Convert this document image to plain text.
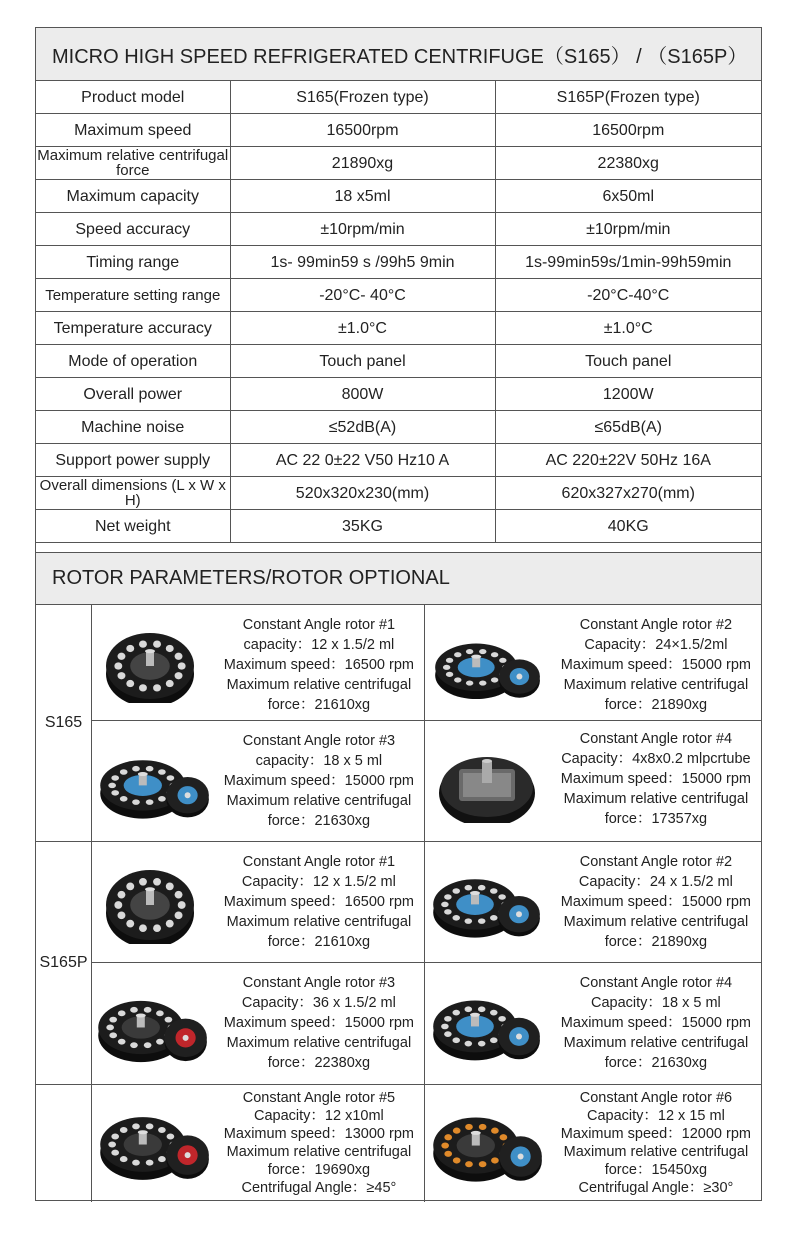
MICRO HIGH SPEED REFRIGERATED CENTRIFUGE（S165） / （S165P）
Product model	S165(Frozen type)	S165P(Frozen type)
Maximum speed	16500rpm	16500rpm
Maximum relative centrifugal force	21890xg	22380xg
Maximum capacity	18 x5ml	6x50ml
Speed accuracy	±10rpm/min	±10rpm/min
Timing range	1s- 99min59 s /99h5 9min	1s-99min59s/1min-99h59min
Temperature setting range	-20°C- 40°C	-20°C-40°C
Temperature accuracy	±1.0°C	±1.0°C
Mode of operation	Touch panel	Touch panel
Overall power	800W	1200W
Machine noise	≤52dB(A)	≤65dB(A)
Support power supply	AC 22 0±22 V50 Hz10 A	AC 220±22V 50Hz 16A
Overall dimensions (L x W x H)	520x320x230(mm)	620x327x270(mm)
Net weight	35KG	40KG
ROTOR PARAMETERS/ROTOR OPTIONAL
S165
Constant Angle rotor #1
capacity：12 x 1.5/2 ml
Maximum speed：16500 rpm
Maximum relative centrifugal
force：21610xg
Constant Angle rotor #2
Capacity：24×1.5/2ml
Maximum speed：15000 rpm
Maximum relative centrifugal
force：21890xg
Constant Angle rotor #3
capacity：18 x 5 ml
Maximum speed：15000 rpm
Maximum relative centrifugal
force：21630xg
Constant Angle rotor #4
Capacity：4x8x0.2 mlpcrtube
Maximum speed：15000 rpm
Maximum relative centrifugal
force：17357xg
S165P
Constant Angle rotor #1
Capacity：12 x 1.5/2 ml
Maximum speed：16500 rpm
Maximum relative centrifugal
force：21610xg
Constant Angle rotor #2
Capacity：24 x 1.5/2 ml
Maximum speed：15000 rpm
Maximum relative centrifugal
force：21890xg
Constant Angle rotor #3
Capacity：36 x 1.5/2 ml
Maximum speed：15000 rpm
Maximum relative centrifugal
force：22380xg
Constant Angle rotor #4
Capacity：18 x 5 ml
Maximum speed：15000 rpm
Maximum relative centrifugal
force：21630xg
Constant Angle rotor #5
Capacity：12 x10ml
Maximum speed：13000 rpm
Maximum relative centrifugal
force：19690xg
Centrifugal Angle：≥45°
Constant Angle rotor #6
Capacity：12 x 15 ml
Maximum speed：12000 rpm
Maximum relative centrifugal
force：15450xg
Centrifugal Angle：≥30°
